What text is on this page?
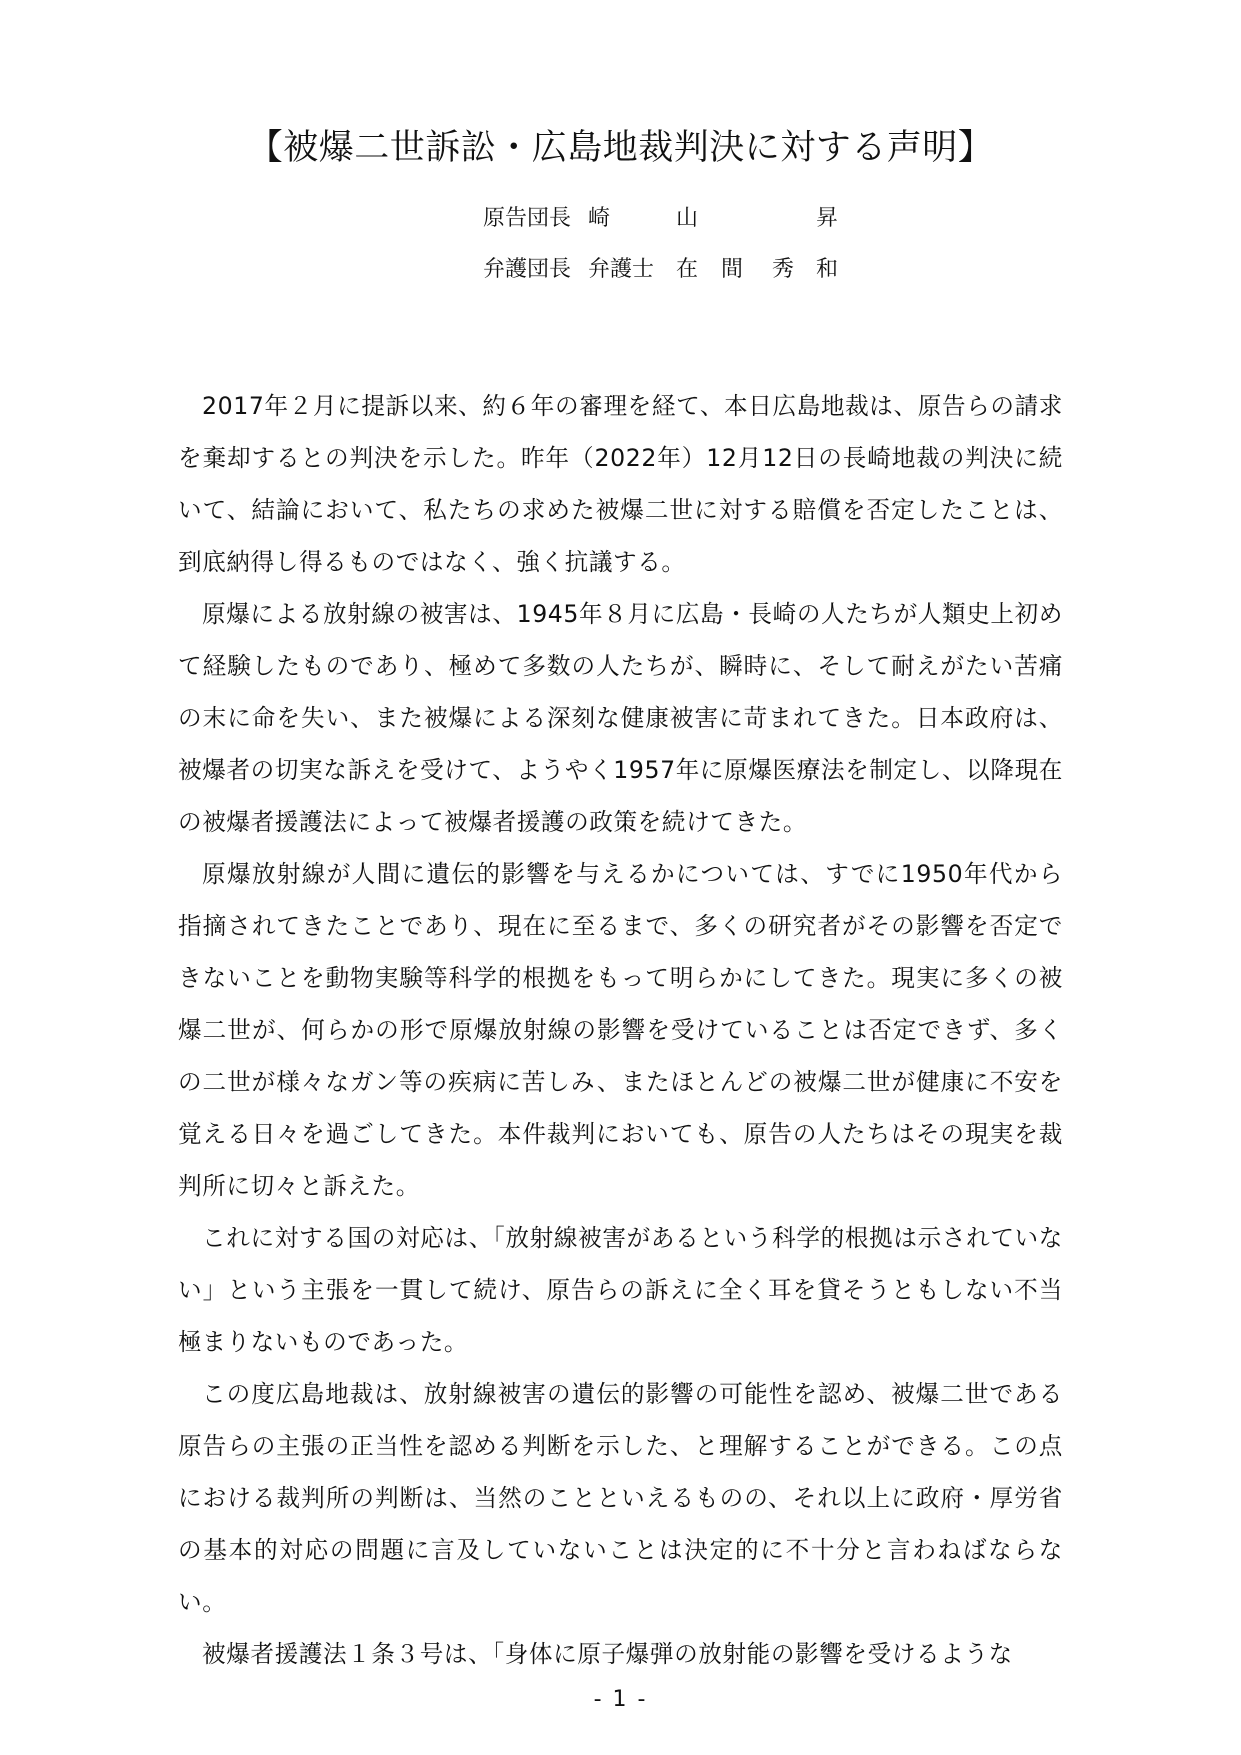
【被爆二世訴訟・広島地裁判決に対する声明】
原告団長 崎	山	昇
弁護団長 弁護士 在 間 秀 和

2017年２月に提訴以来、約６年の審理を経て、本日広島地裁は、原告らの請求を棄却するとの判決を示した。昨年（2022年）12月12日の長崎地裁の判決に続いて、結論において、私たちの求めた被爆二世に対する賠償を否定したことは、到底納得し得るものではなく、強く抗議する。

原爆による放射線の被害は、1945年８月に広島・長崎の人たちが人類史上初めて経験したものであり、極めて多数の人たちが、瞬時に、そして耐えがたい苦痛の末に命を失い、また被爆による深刻な健康被害に苛まれてきた。日本政府は、被爆者の切実な訴えを受けて、ようやく1957年に原爆医療法を制定し、以降現在の被爆者援護法によって被爆者援護の政策を続けてきた。

原爆放射線が人間に遺伝的影響を与えるかについては、すでに1950年代から指摘されてきたことであり、現在に至るまで、多くの研究者がその影響を否定できないことを動物実験等科学的根拠をもって明らかにしてきた。現実に多くの被爆二世が、何らかの形で原爆放射線の影響を受けていることは否定できず、多くの二世が様々なガン等の疾病に苦しみ、またほとんどの被爆二世が健康に不安を覚える日々を過ごしてきた。本件裁判においても、原告の人たちはその現実を裁判所に切々と訴えた。

これに対する国の対応は、「放射線被害があるという科学的根拠は示されていない」という主張を一貫して続け、原告らの訴えに全く耳を貸そうともしない不当極まりないものであった。

この度広島地裁は、放射線被害の遺伝的影響の可能性を認め、被爆二世である原告らの主張の正当性を認める判断を示した、と理解することができる。この点における裁判所の判断は、当然のことといえるものの、それ以上に政府・厚労省の基本的対応の問題に言及していないことは決定的に不十分と言わねばならない。

被爆者援護法１条３号は、「身体に原子爆弾の放射能の影響を受けるような

- 1 -
